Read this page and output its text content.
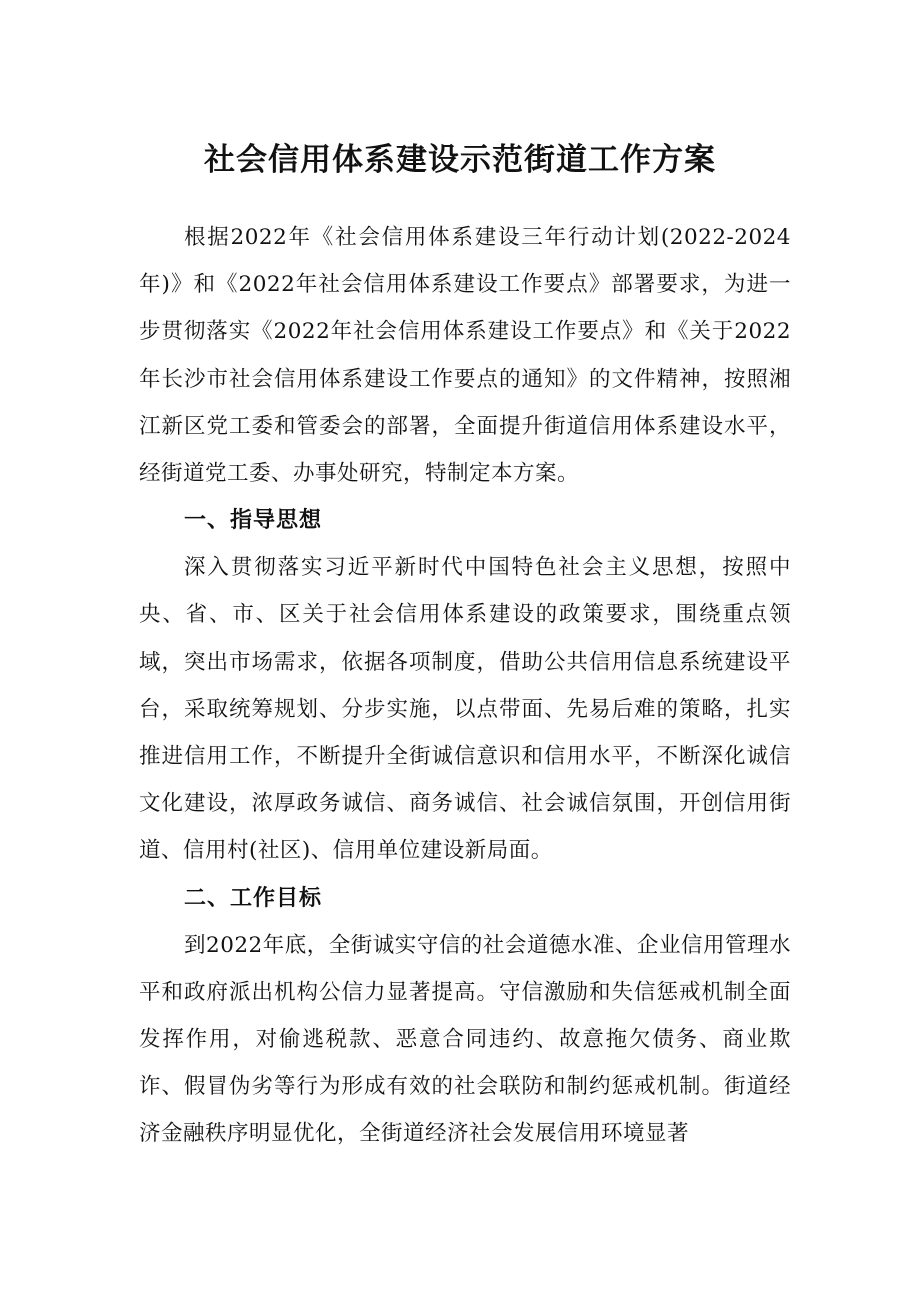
社会信用体系建设示范街道工作方案

根据2022年《社会信用体系建设三年行动计划(2022-2024年)》和《2022年社会信用体系建设工作要点》部署要求，为进一步贯彻落实《2022年社会信用体系建设工作要点》和《关于2022年长沙市社会信用体系建设工作要点的通知》的文件精神，按照湘江新区党工委和管委会的部署，全面提升街道信用体系建设水平，经街道党工委、办事处研究，特制定本方案。

一、指导思想

深入贯彻落实习近平新时代中国特色社会主义思想，按照中央、省、市、区关于社会信用体系建设的政策要求，围绕重点领域，突出市场需求，依据各项制度，借助公共信用信息系统建设平台，采取统筹规划、分步实施，以点带面、先易后难的策略，扎实推进信用工作，不断提升全街诚信意识和信用水平，不断深化诚信文化建设，浓厚政务诚信、商务诚信、社会诚信氛围，开创信用街道、信用村(社区)、信用单位建设新局面。

二、工作目标

到2022年底，全街诚实守信的社会道德水准、企业信用管理水平和政府派出机构公信力显著提高。守信激励和失信惩戒机制全面发挥作用，对偷逃税款、恶意合同违约、故意拖欠债务、商业欺诈、假冒伪劣等行为形成有效的社会联防和制约惩戒机制。街道经济金融秩序明显优化，全街道经济社会发展信用环境显著
